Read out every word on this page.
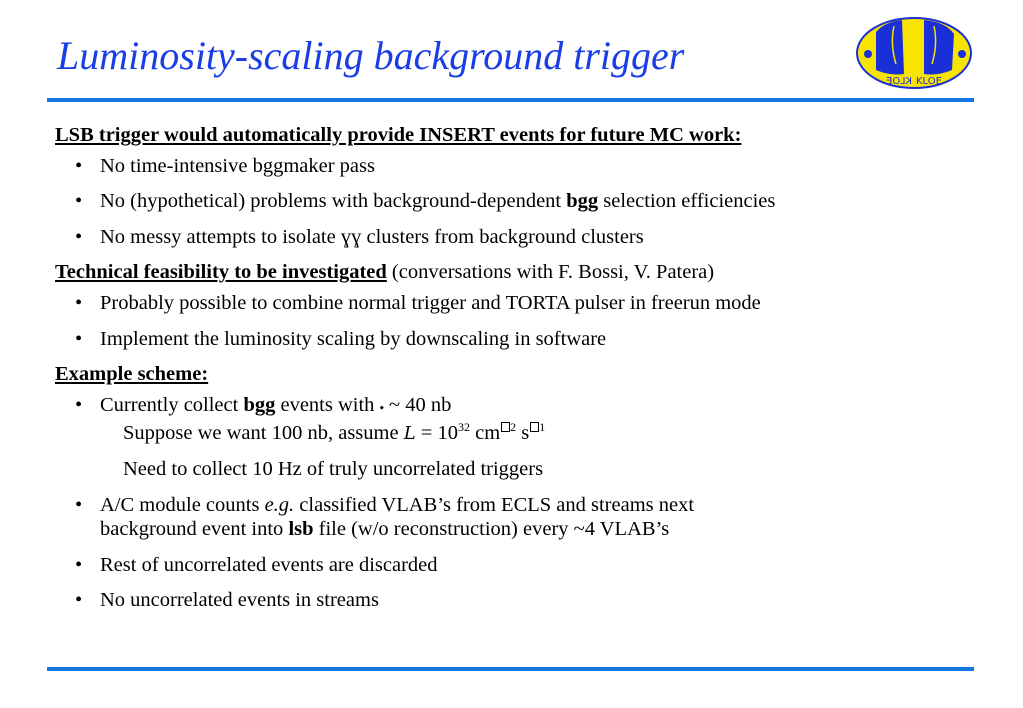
Luminosity-scaling background trigger
KLOE KLOE

LSB trigger would automatically provide INSERT events for future MC work:

• No time-intensive bggmaker pass
• No (hypothetical) problems with background-dependent bgg selection efficiencies
• No messy attempts to isolate ɣɣ clusters from background clusters

Technical feasibility to be investigated (conversations with F. Bossi, V. Patera)

• Probably possible to combine normal trigger and TORTA pulser in freerun mode
• Implement the luminosity scaling by downscaling in software

Example scheme:

• Currently collect bgg events with ⬩ ~ 40 nb
Suppose we want 100 nb, assume $L = 10^{32}$ cm $^2$ s $^1$
Need to collect 10 Hz of truly uncorrelated triggers
• A/C module counts e.g. classified VLAB’s from ECLS and streams next
background event into lsb file (w/o reconstruction) every ~4 VLAB’s
• Rest of uncorrelated events are discarded
• No uncorrelated events in streams
